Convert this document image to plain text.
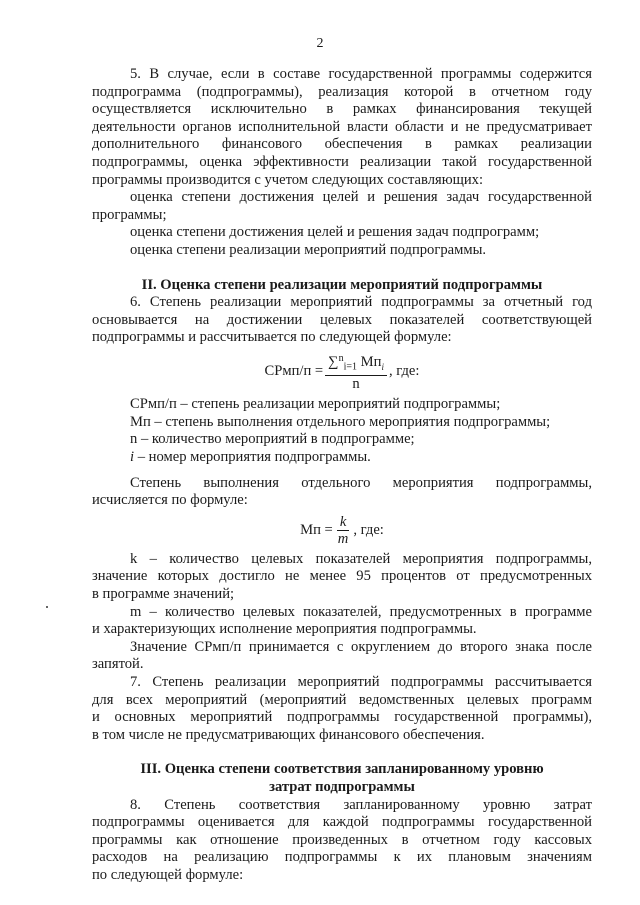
2

5. В случае, если в составе государственной программы содержится

подпрограмма (подпрограммы), реализация которой в отчетном году

осуществляется исключительно в рамках финансирования текущей

деятельности органов исполнительной власти области и не предусматривает

дополнительного финансового обеспечения в рамках реализации

подпрограммы, оценка эффективности реализации такой государственной

программы производится с учетом следующих составляющих:

оценка степени достижения целей и решения задач государственной

программы;

оценка степени достижения целей и решения задач подпрограмм;

оценка степени реализации мероприятий подпрограммы.

II. Оценка степени реализации мероприятий подпрограммы

6. Степень реализации мероприятий подпрограммы за отчетный год

основывается на достижении целевых показателей соответствующей

подпрограммы и рассчитывается по следующей формуле:

СРмп/п = $\frac{\sum^n_{i=1} Мп_i}{n}$ , где:

СРмп/п – степень реализации мероприятий подпрограммы;

Мп – степень выполнения отдельного мероприятия подпрограммы;

n – количество мероприятий в подпрограмме;

i – номер мероприятия подпрограммы.

Степень выполнения отдельного мероприятия подпрограммы,

исчисляется по формуле:

Мп = $\frac{k}{m}$ , где:

k – количество целевых показателей мероприятия подпрограммы,

значение которых достигло не менее 95 процентов от предусмотренных

в программе значений;

m – количество целевых показателей, предусмотренных в программе

и характеризующих исполнение мероприятия подпрограммы.

Значение СРмп/п принимается с округлением до второго знака после

запятой.

7. Степень реализации мероприятий подпрограммы рассчитывается

для всех мероприятий (мероприятий ведомственных целевых программ

и основных мероприятий подпрограммы государственной программы),

в том числе не предусматривающих финансового обеспечения.

III. Оценка степени соответствия запланированному уровню

затрат подпрограммы

8. Степень соответствия запланированному уровню затрат

подпрограммы оценивается для каждой подпрограммы государственной

программы как отношение произведенных в отчетном году кассовых

расходов на реализацию подпрограммы к их плановым значениям

по следующей формуле:
